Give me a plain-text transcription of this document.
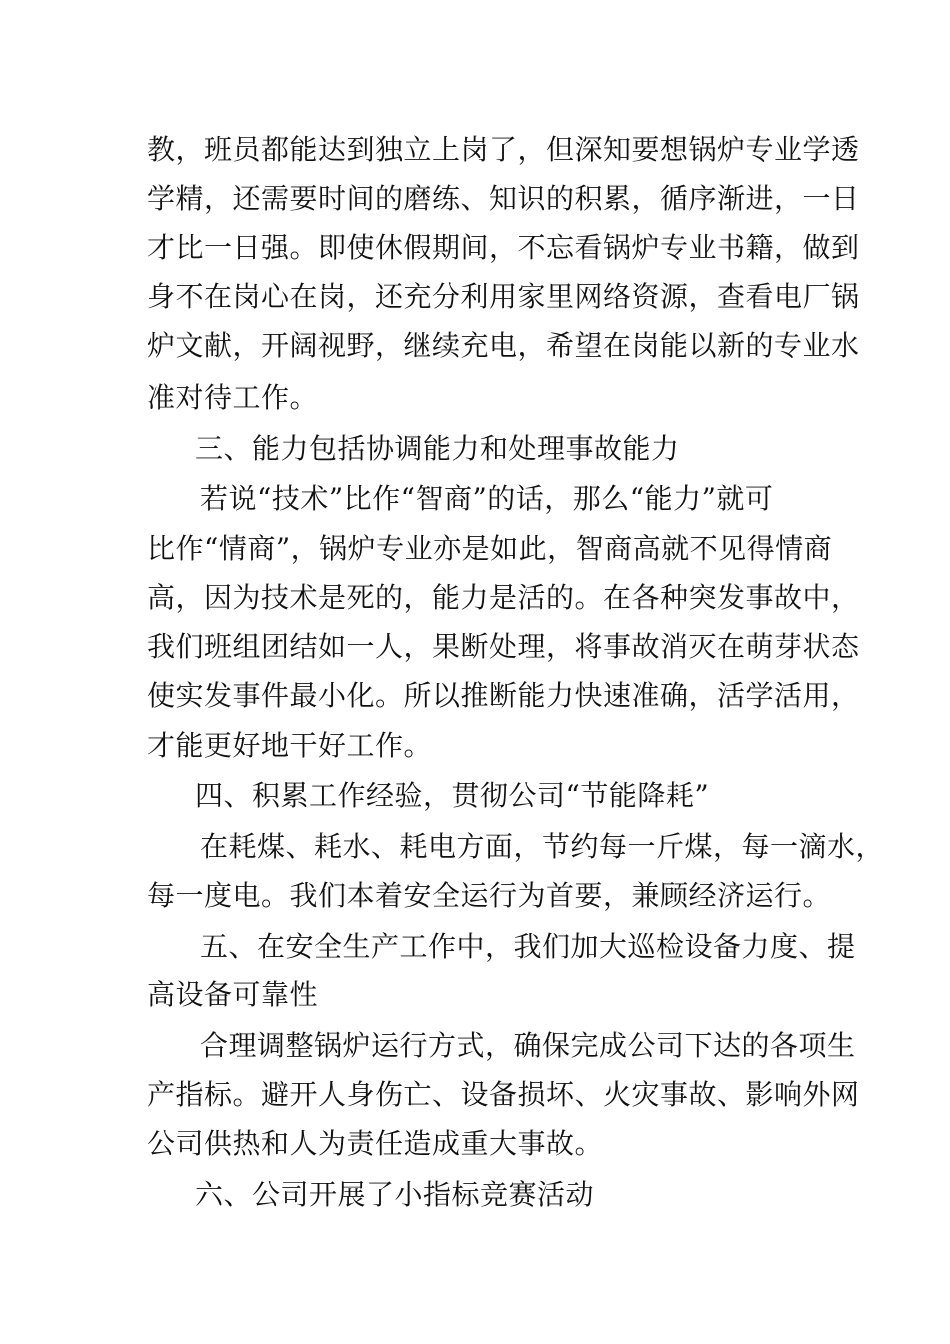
教，班员都能达到独立上岗了，但深知要想锅炉专业学透
学精，还需要时间的磨练、知识的积累，循序渐进，一日
才比一日强。即使休假期间，不忘看锅炉专业书籍，做到
身不在岗心在岗，还充分利用家里网络资源，查看电厂锅
炉文献，开阔视野，继续充电，希望在岗能以新的专业水
准对待工作。
三、能力包括协调能力和处理事故能力
若说“技术”比作“智商”的话，那么“能力”就可
比作“情商”，锅炉专业亦是如此，智商高就不见得情商
高，因为技术是死的，能力是活的。在各种突发事故中，
我们班组团结如一人，果断处理，将事故消灭在萌芽状态
使实发事件最小化。所以推断能力快速准确，活学活用，
才能更好地干好工作。
四、积累工作经验，贯彻公司“节能降耗”
在耗煤、耗水、耗电方面，节约每一斤煤，每一滴水，
每一度电。我们本着安全运行为首要，兼顾经济运行。
五、在安全生产工作中，我们加大巡检设备力度、提
高设备可靠性
合理调整锅炉运行方式，确保完成公司下达的各项生
产指标。避开人身伤亡、设备损坏、火灾事故、影响外网
公司供热和人为责任造成重大事故。
六、公司开展了小指标竞赛活动
